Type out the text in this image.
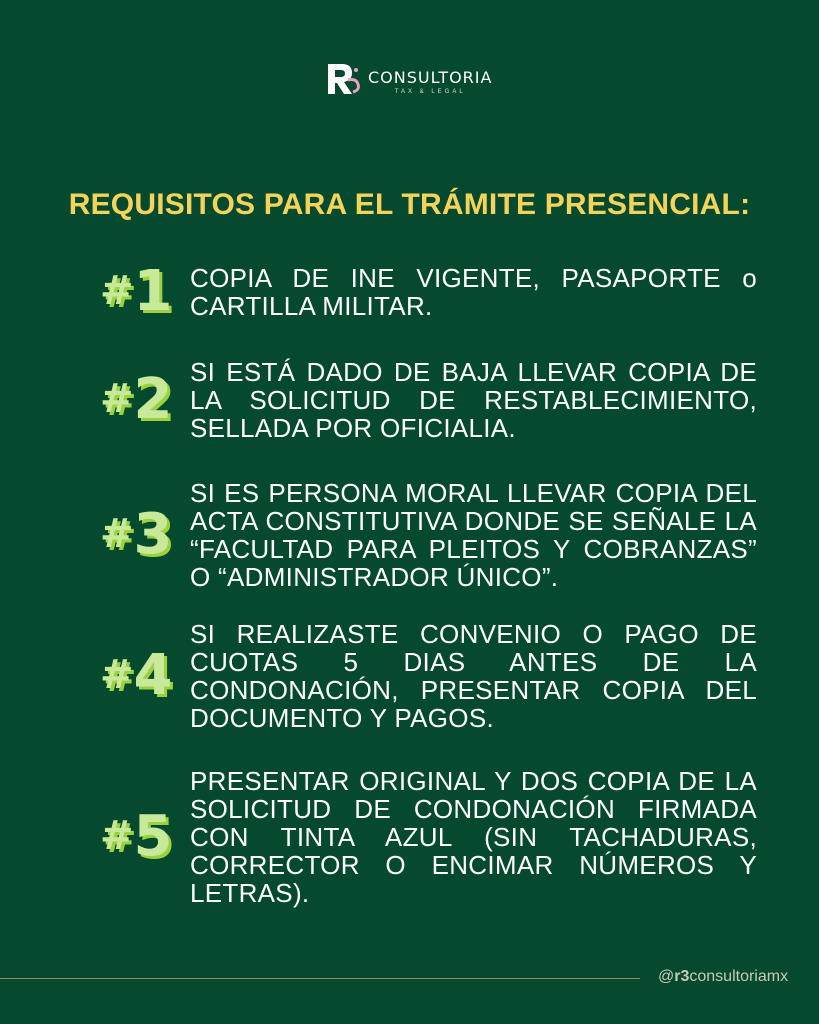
CONSULTORIA
TAX & LEGAL
REQUISITOS PARA EL TRÁMITE PRESENCIAL:
#1 COPIA DE INE VIGENTE, PASAPORTE o CARTILLA MILITAR.
#2 SI ESTÁ DADO DE BAJA LLEVAR COPIA DE LA SOLICITUD DE RESTABLECIMIENTO, SELLADA POR OFICIALIA.
#3
SI ES PERSONA MORAL LLEVAR COPIA DEL ACTA CONSTITUTIVA DONDE SE SEÑALE LA “FACULTAD PARA PLEITOS Y COBRANZAS” O “ADMINISTRADOR ÚNICO”.
#4
SI REALIZASTE CONVENIO O PAGO DE CUOTAS 5 DIAS ANTES DE LA CONDONACIÓN, PRESENTAR COPIA DEL DOCUMENTO Y PAGOS.
#5
PRESENTAR ORIGINAL Y DOS COPIA DE LA SOLICITUD DE CONDONACIÓN FIRMADA CON TINTA AZUL (SIN TACHADURAS, CORRECTOR O ENCIMAR NÚMEROS Y LETRAS).
@r3consultoriamx
